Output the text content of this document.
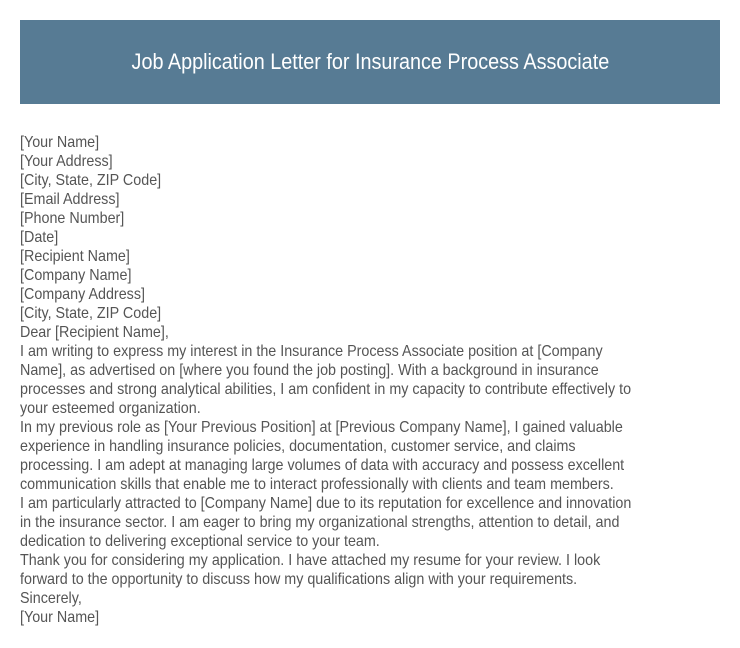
Job Application Letter for Insurance Process Associate
[Your Name]
[Your Address]
[City, State, ZIP Code]
[Email Address]
[Phone Number]
[Date]
[Recipient Name]
[Company Name]
[Company Address]
[City, State, ZIP Code]
Dear [Recipient Name],
I am writing to express my interest in the Insurance Process Associate position at [Company
Name], as advertised on [where you found the job posting]. With a background in insurance
processes and strong analytical abilities, I am confident in my capacity to contribute effectively to
your esteemed organization.
In my previous role as [Your Previous Position] at [Previous Company Name], I gained valuable
experience in handling insurance policies, documentation, customer service, and claims
processing. I am adept at managing large volumes of data with accuracy and possess excellent
communication skills that enable me to interact professionally with clients and team members.
I am particularly attracted to [Company Name] due to its reputation for excellence and innovation
in the insurance sector. I am eager to bring my organizational strengths, attention to detail, and
dedication to delivering exceptional service to your team.
Thank you for considering my application. I have attached my resume for your review. I look
forward to the opportunity to discuss how my qualifications align with your requirements.
Sincerely,
[Your Name]
